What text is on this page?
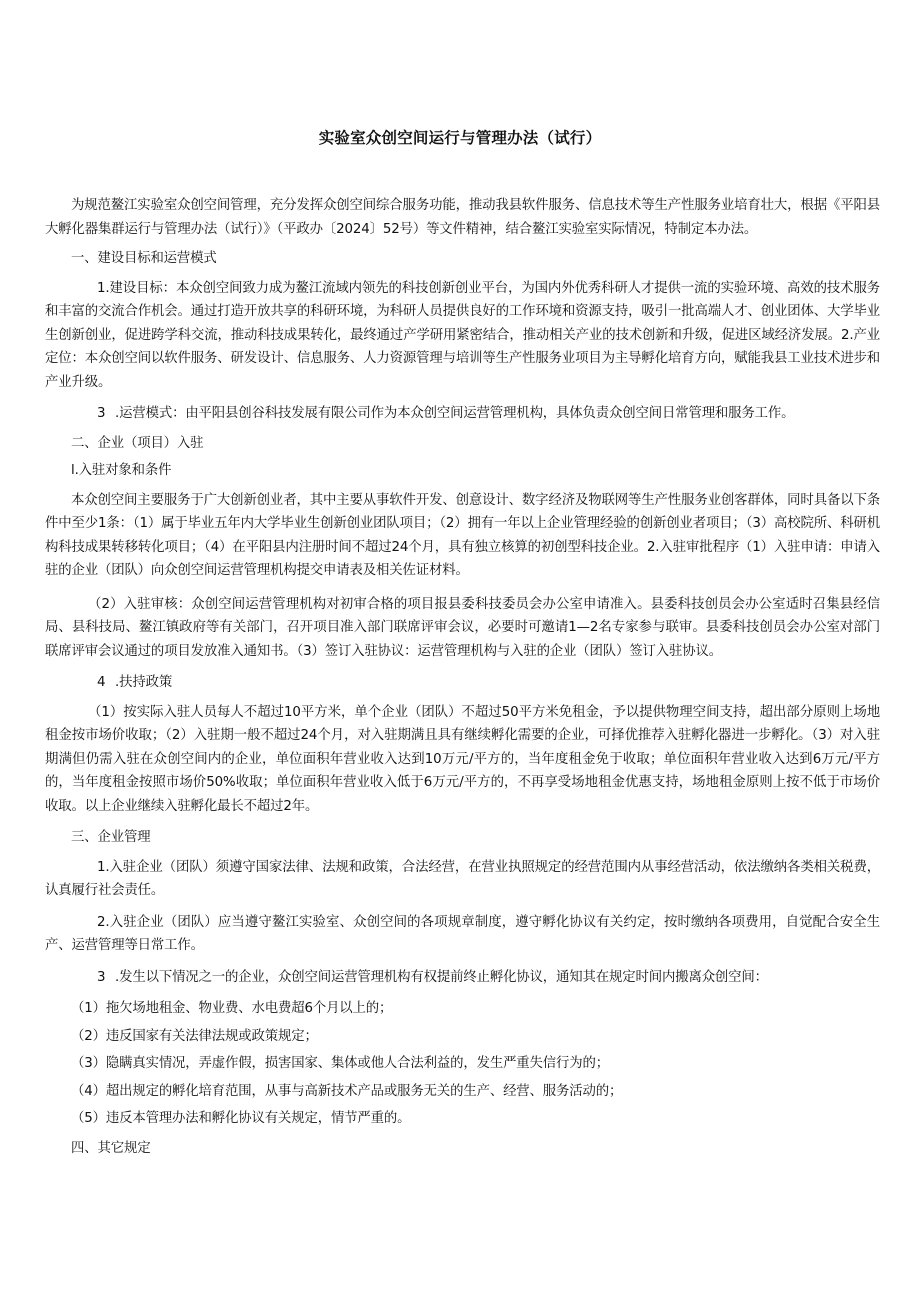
实验室众创空间运行与管理办法（试行）

为规范鳌江实验室众创空间管理，充分发挥众创空间综合服务功能，推动我县软件服务、信息技术等生产性服务业培育壮大，根据《平阳县大孵化器集群运行与管理办法（试行）》（平政办〔2024〕52号）等文件精神，结合鳌江实验室实际情况，特制定本办法。

一、建设目标和运营模式

1.建设目标：本众创空间致力成为鳌江流域内领先的科技创新创业平台，为国内外优秀科研人才提供一流的实验环境、高效的技术服务和丰富的交流合作机会。通过打造开放共享的科研环境，为科研人员提供良好的工作环境和资源支持，吸引一批高端人才、创业团体、大学毕业生创新创业，促进跨学科交流，推动科技成果转化，最终通过产学研用紧密结合，推动相关产业的技术创新和升级，促进区域经济发展。2.产业定位：本众创空间以软件服务、研发设计、信息服务、人力资源管理与培训等生产性服务业项目为主导孵化培育方向，赋能我县工业技术进步和产业升级。

3 .运营模式：由平阳县创谷科技发展有限公司作为本众创空间运营管理机构，具体负责众创空间日常管理和服务工作。

二、企业（项目）入驻

l.入驻对象和条件

本众创空间主要服务于广大创新创业者，其中主要从事软件开发、创意设计、数字经济及物联网等生产性服务业创客群体，同时具备以下条件中至少1条：（1）属于毕业五年内大学毕业生创新创业团队项目；（2）拥有一年以上企业管理经验的创新创业者项目；（3）高校院所、科研机构科技成果转移转化项目；（4）在平阳县内注册时间不超过24个月，具有独立核算的初创型科技企业。2.入驻审批程序（1）入驻申请：申请入驻的企业（团队）向众创空间运营管理机构提交申请表及相关佐证材料。

（2）入驻审核：众创空间运营管理机构对初审合格的项目报县委科技委员会办公室申请准入。县委科技创员会办公室适时召集县经信局、县科技局、鳌江镇政府等有关部门，召开项目准入部门联席评审会议，必要时可邀请1—2名专家参与联审。县委科技创员会办公室对部门联席评审会议通过的项目发放准入通知书。（3）签订入驻协议：运营管理机构与入驻的企业（团队）签订入驻协议。

4 .扶持政策

（1）按实际入驻人员每人不超过10平方米，单个企业（团队）不超过50平方米免租金，予以提供物理空间支持，超出部分原则上场地租金按市场价收取；（2）入驻期一般不超过24个月，对入驻期满且具有继续孵化需要的企业，可择优推荐入驻孵化器进一步孵化。（3）对入驻期满但仍需入驻在众创空间内的企业，单位面积年营业收入达到10万元/平方的，当年度租金免于收取；单位面积年营业收入达到6万元/平方的，当年度租金按照市场价50%收取；单位面积年营业收入低于6万元/平方的，不再享受场地租金优惠支持，场地租金原则上按不低于市场价收取。以上企业继续入驻孵化最长不超过2年。

三、企业管理

1.入驻企业（团队）须遵守国家法律、法规和政策，合法经营，在营业执照规定的经营范围内从事经营活动，依法缴纳各类相关税费，认真履行社会责任。

2.入驻企业（团队）应当遵守鳌江实验室、众创空间的各项规章制度，遵守孵化协议有关约定，按时缴纳各项费用，自觉配合安全生产、运营管理等日常工作。

3 .发生以下情况之一的企业，众创空间运营管理机构有权提前终止孵化协议，通知其在规定时间内搬离众创空间：

（1）拖欠场地租金、物业费、水电费超6个月以上的；

（2）违反国家有关法律法规或政策规定；

（3）隐瞒真实情况，弄虚作假，损害国家、集体或他人合法利益的，发生严重失信行为的；

（4）超出规定的孵化培育范围，从事与高新技术产品或服务无关的生产、经营、服务活动的；

（5）违反本管理办法和孵化协议有关规定，情节严重的。

四、其它规定
